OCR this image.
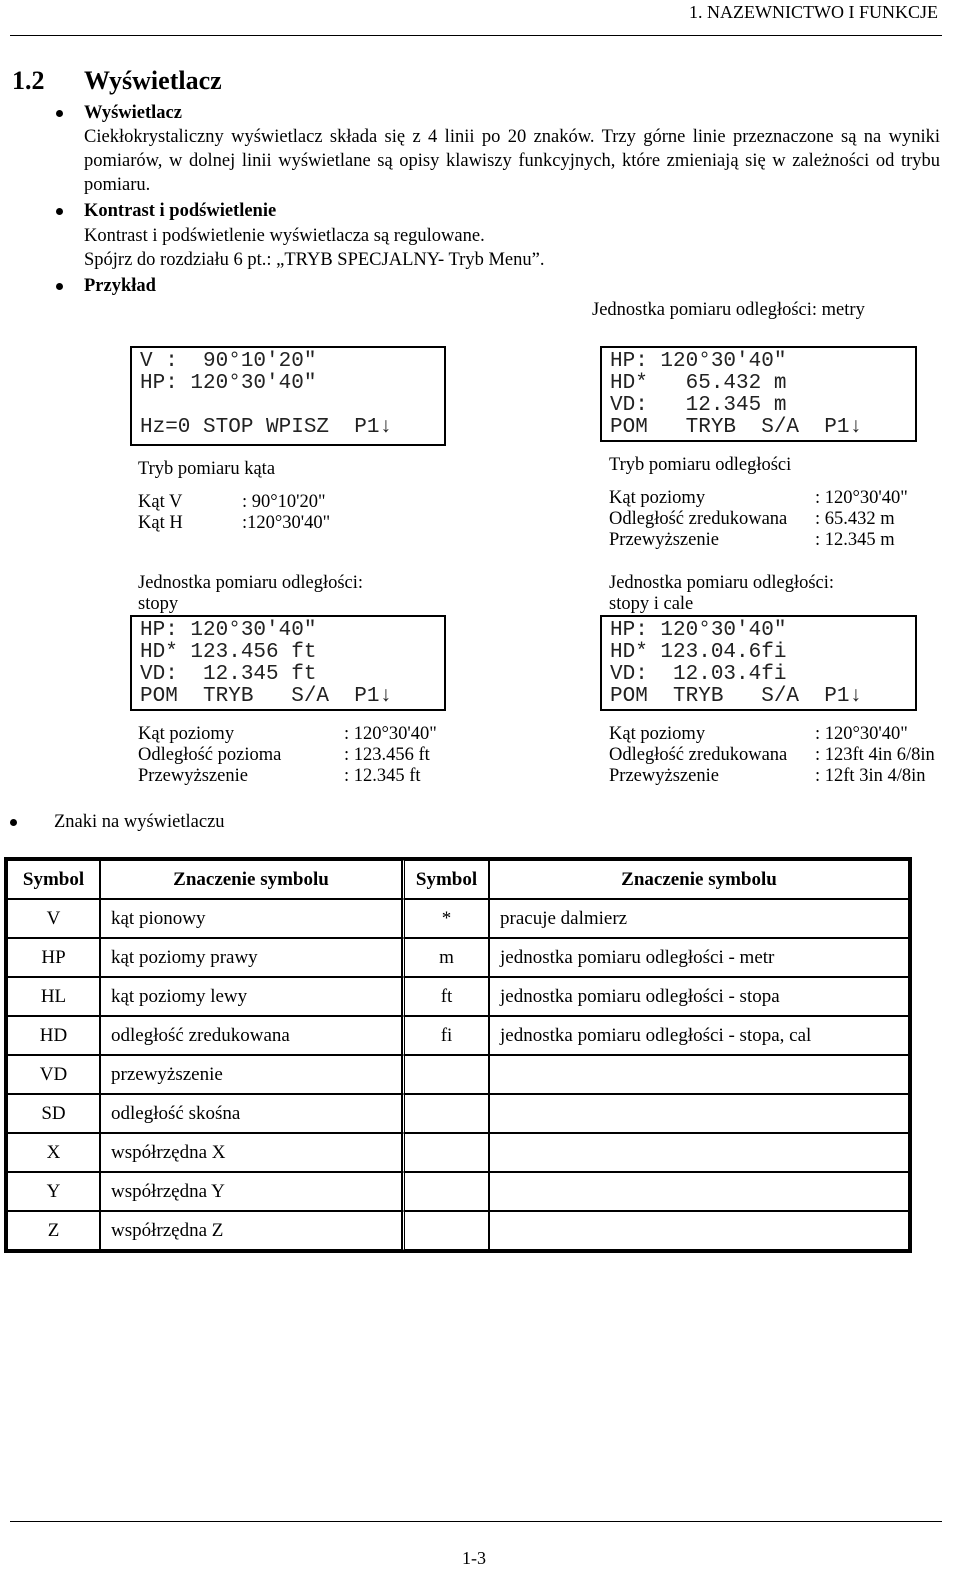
1. NAZEWNICTWO I FUNKCJE
1.2 Wyświetlacz
Wyświetlacz
Ciekłokrystaliczny wyświetlacz składa się z 4 linii po 20 znaków. Trzy górne linie przeznaczone są na wyniki pomiarów, w dolnej linii wyświetlane są opisy klawiszy funkcyjnych, które zmieniają się w zależności od trybu pomiaru.
Kontrast i podświetlenie
Kontrast i podświetlenie wyświetlacza są regulowane.
Spójrz do rozdziału 6 pt.: „TRYB SPECJALNY- Tryb Menu”.
Przykład
Jednostka pomiaru odległości: metry
V :  90°10'20"
HP: 120°30'40"
Hz=0 STOP WPISZ  P1↓
Tryb pomiaru kąta
Kąt V	: 90°10'20"
Kąt H	:120°30'40"
HP: 120°30'40"
HD*   65.432 m
VD:   12.345 m
POM   TRYB  S/A  P1↓
Tryb pomiaru odległości
Kąt poziomy	: 120°30'40"
Odległość zredukowana : 65.432 m
Przewyższenie	: 12.345 m
Jednostka pomiaru odległości:
stopy
HP: 120°30'40"
HD* 123.456 ft
VD:  12.345 ft
POM  TRYB   S/A  P1↓
Kąt poziomy	: 120°30'40"
Odległość pozioma	: 123.456 ft
Przewyższenie	: 12.345 ft
Jednostka pomiaru odległości:
stopy i cale
HP: 120°30'40"
HD* 123.04.6fi
VD:  12.03.4fi
POM  TRYB   S/A  P1↓
Kąt poziomy	: 120°30'40"
Odległość zredukowana : 123ft 4in 6/8in
Przewyższenie	: 12ft 3in 4/8in
Znaki na wyświetlaczu
Symbol	Znaczenie symbolu	Symbol	Znaczenie symbolu
V	kąt pionowy	*	pracuje dalmierz
HP	kąt poziomy prawy	m	jednostka pomiaru odległości - metr
HL	kąt poziomy lewy	ft	jednostka pomiaru odległości - stopa
HD	odległość zredukowana	fi	jednostka pomiaru odległości - stopa, cal
VD	przewyższenie		
SD	odległość skośna		
X	współrzędna X		
Y	współrzędna Y		
Z	współrzędna Z		
1-3
